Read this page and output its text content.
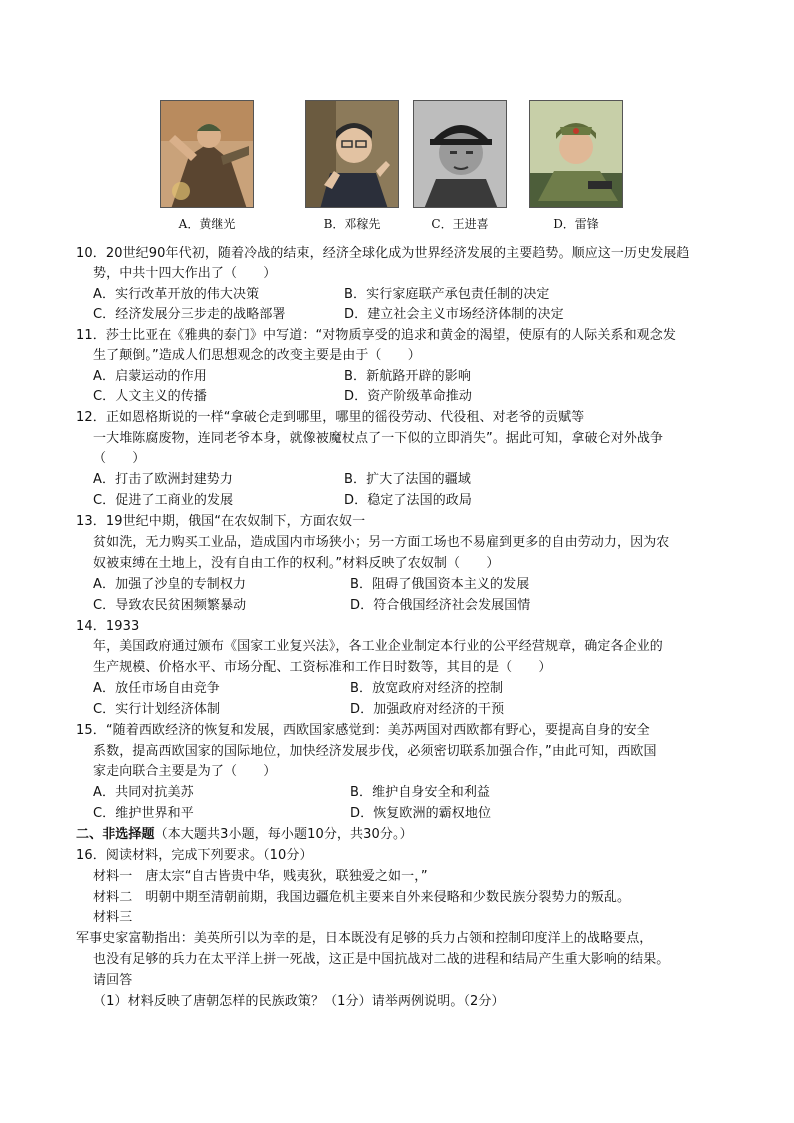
A．黄继光	B．邓稼先	C．王进喜	D．雷锋
10．20世纪90年代初，随着冷战的结束，经济全球化成为世界经济发展的主要趋势。顺应这一历史发展趋
势，中共十四大作出了（　　）
A．实行改革开放的伟大决策	B．实行家庭联产承包责任制的决定
C．经济发展分三步走的战略部署	D．建立社会主义市场经济体制的决定
11．莎士比亚在《雅典的泰门》中写道：“对物质享受的追求和黄金的渴望，使原有的人际关系和观念发
生了颠倒。”造成人们思想观念的改变主要是由于（　　）
A．启蒙运动的作用	B．新航路开辟的影响
C．人文主义的传播	D．资产阶级革命推动
12．正如恩格斯说的一样“拿破仑走到哪里，哪里的徭役劳动、代役租、对老爷的贡赋等
一大堆陈腐废物，连同老爷本身，就像被魔杖点了一下似的立即消失”。据此可知，拿破仑对外战争
（　　）
A．打击了欧洲封建势力	B．扩大了法国的疆域
C．促进了工商业的发展	D．稳定了法国的政局
13．19世纪中期，俄国“在农奴制下，方面农奴一
贫如洗，无力购买工业品，造成国内市场狭小；另一方面工场也不易雇到更多的自由劳动力，因为农
奴被束缚在土地上，没有自由工作的权利。”材料反映了农奴制（　　）
A．加强了沙皇的专制权力	B．阻碍了俄国资本主义的发展
C．导致农民贫困频繁暴动	D．符合俄国经济社会发展国情
14．1933
年，美国政府通过颁布《国家工业复兴法》，各工业企业制定本行业的公平经营规章，确定各企业的
生产规模、价格水平、市场分配、工资标准和工作日时数等，其目的是（　　）
A．放任市场自由竞争	B．放宽政府对经济的控制
C．实行计划经济体制	D．加强政府对经济的干预
15．“随着西欧经济的恢复和发展，西欧国家感觉到：美苏两国对西欧都有野心，要提高自身的安全
系数，提高西欧国家的国际地位，加快经济发展步伐，必须密切联系加强合作，”由此可知，西欧国
家走向联合主要是为了（　　）
A．共同对抗美苏	B．维护自身安全和利益
C．维护世界和平	D．恢复欧洲的霸权地位
二、非选择题（本大题共3小题，每小题10分，共30分。）
16．阅读材料，完成下列要求。（10分）
材料一　唐太宗“自古皆贵中华，贱夷狄，联独爱之如一，”
材料二　明朝中期至清朝前期，我国边疆危机主要来自外来侵略和少数民族分裂势力的叛乱。
材料三
军事史家富勒指出：美英所引以为幸的是，日本既没有足够的兵力占领和控制印度洋上的战略要点，
也没有足够的兵力在太平洋上拼一死战，这正是中国抗战对二战的进程和结局产生重大影响的结果。
请回答
（1）材料反映了唐朝怎样的民族政策？（1分）请举两例说明。（2分）
